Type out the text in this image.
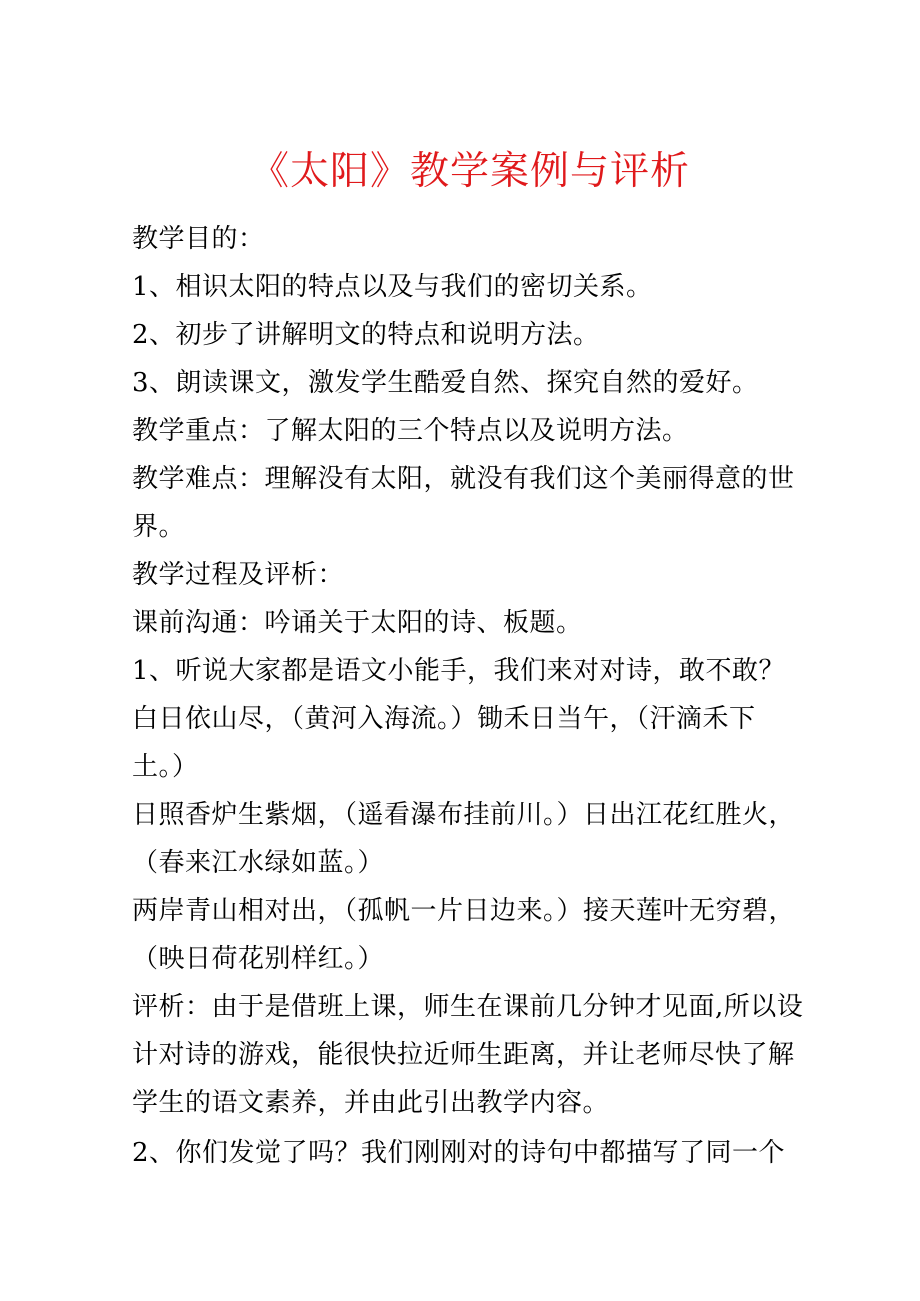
《太阳》教学案例与评析
教学目的：
1、相识太阳的特点以及与我们的密切关系。
2、初步了讲解明文的特点和说明方法。
3、朗读课文，激发学生酷爱自然、探究自然的爱好。
教学重点：了解太阳的三个特点以及说明方法。
教学难点：理解没有太阳，就没有我们这个美丽得意的世
界。
教学过程及评析：
课前沟通：吟诵关于太阳的诗、板题。
1、听说大家都是语文小能手，我们来对对诗，敢不敢？
白日依山尽，（黄河入海流。）锄禾日当午，（汗滴禾下
土。）
日照香炉生紫烟，（遥看瀑布挂前川。）日出江花红胜火，
（春来江水绿如蓝。）
两岸青山相对出，（孤帆一片日边来。）接天莲叶无穷碧，
（映日荷花别样红。）
评析：由于是借班上课，师生在课前几分钟才见面,所以设
计对诗的游戏，能很快拉近师生距离，并让老师尽快了解
学生的语文素养，并由此引出教学内容。
2、你们发觉了吗？我们刚刚对的诗句中都描写了同一个
